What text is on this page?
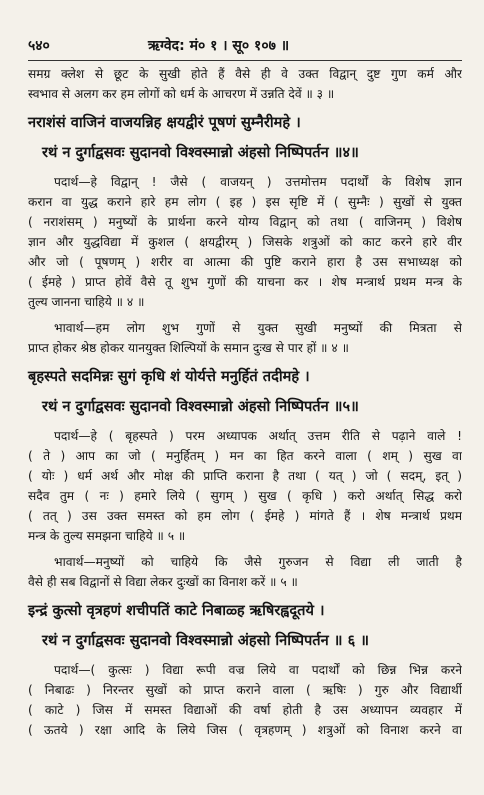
५४०	ऋग्वेद: मं० १ । सू० १०७ ॥
समग्र क्लेश से छूट के सुखी होते हैं वैसे ही वे उक्त विद्वान् दुष्ट गुण कर्म और
स्वभाव से अलग कर हम लोगों को धर्म के आचरण में उन्नति देवें ॥ ३ ॥
नराशंसं वाजिनं वाजयन्निह क्षयद्वीरं पूषणं सुम्नैरीमहे ।
रथं न दुर्गाद्वसवः सुदानवो विश्वस्मान्नो अंहसो निष्पिपर्तन ॥४॥
पदार्थ—हे विद्वान् ! जैसे ( वाजयन् ) उत्तमोत्तम पदार्थों के विशेष ज्ञान
करान वा युद्ध कराने हारे हम लोग ( इह ) इस सृष्टि में ( सुम्नैः ) सुखों से युक्त
( नराशंसम् ) मनुष्यों के प्रार्थना करने योग्य विद्वान् को तथा ( वाजिनम् ) विशेष
ज्ञान और युद्धविद्या में कुशल ( क्षयद्वीरम् ) जिसके शत्रुओं को काट करने हारे वीर
और जो ( पूषणम् ) शरीर वा आत्मा की पुष्टि कराने हारा है उस सभाध्यक्ष को
( ईमहे ) प्राप्त होवें वैसे तू शुभ गुणों की याचना कर । शेष मन्त्रार्थ प्रथम मन्त्र के
तुल्य जानना चाहिये ॥ ४ ॥
भावार्थ—हम लोग शुभ गुणों से युक्त सुखी मनुष्यों की मित्रता से
प्राप्त होकर श्रेष्ठ होकर यानयुक्त शिल्पियों के समान दुःख से पार हों ॥ ४ ॥
बृहस्पते सदमिन्नः सुगं कृधि शं योर्यत्ते मनुर्हितं तदीमहे ।
रथं न दुर्गाद्वसवः सुदानवो विश्वस्मान्नो अंहसो निष्पिपर्तन ॥५॥
पदार्थ—हे ( बृहस्पते ) परम अध्यापक अर्थात् उत्तम रीति से पढ़ाने वाले !
( ते ) आप का जो ( मनुर्हितम् ) मन का हित करने वाला ( शम् ) सुख वा
( योः ) धर्म अर्थ और मोक्ष की प्राप्ति कराना है तथा ( यत् ) जो ( सदम्, इत् )
सदैव तुम ( नः ) हमारे लिये ( सुगम् ) सुख ( कृधि ) करो अर्थात् सिद्ध करो
( तत् ) उस उक्त समस्त को हम लोग ( ईमहे ) मांगते हैं । शेष मन्त्रार्थ प्रथम
मन्त्र के तुल्य समझना चाहिये ॥ ५ ॥
भावार्थ—मनुष्यों को चाहिये कि जैसे गुरुजन से विद्या ली जाती है
वैसे ही सब विद्वानों से विद्या लेकर दुःखों का विनाश करें ॥ ५ ॥
इन्द्रं कुत्सो वृत्रहणं शचीपतिं काटे निबाळ्ह ऋषिरह्वदूतये ।
रथं न दुर्गाद्वसवः सुदानवो विश्वस्मान्नो अंहसो निष्पिपर्तन ॥ ६ ॥
पदार्थ—( कुत्सः ) विद्या रूपी वज्र लिये वा पदार्थों को छिन्न भिन्न करने
( निबाढः ) निरन्तर सुखों को प्राप्त कराने वाला ( ऋषिः ) गुरु और विद्यार्थी
( काटे ) जिस में समस्त विद्याओं की वर्षा होती है उस अध्यापन व्यवहार में
( ऊतये ) रक्षा आदि के लिये जिस ( वृत्रहणम् ) शत्रुओं को विनाश करने वा
